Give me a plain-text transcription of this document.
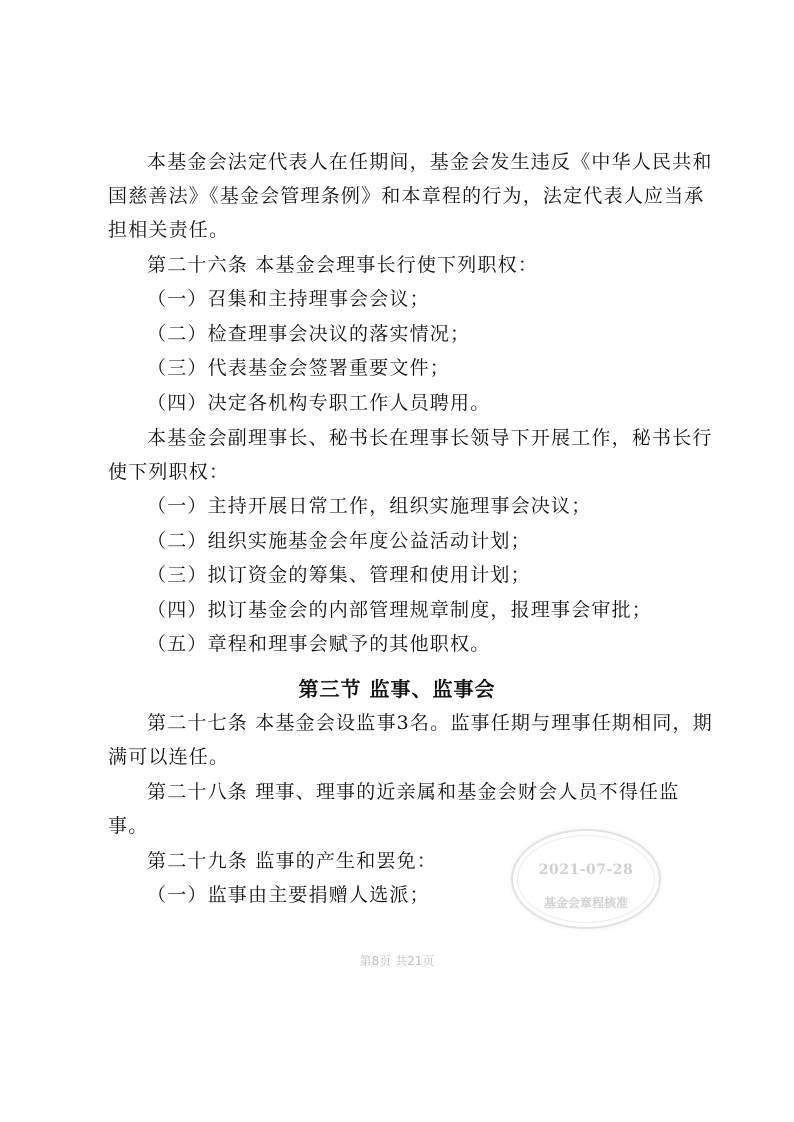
本基金会法定代表人在任期间，基金会发生违反《中华人民共和
国慈善法》《基金会管理条例》和本章程的行为，法定代表人应当承
担相关责任。
第二十六条 本基金会理事长行使下列职权：
（一）召集和主持理事会会议；
（二）检查理事会决议的落实情况；
（三）代表基金会签署重要文件；
（四）决定各机构专职工作人员聘用。
本基金会副理事长、秘书长在理事长领导下开展工作，秘书长行
使下列职权：
（一）主持开展日常工作，组织实施理事会决议；
（二）组织实施基金会年度公益活动计划；
（三）拟订资金的筹集、管理和使用计划；
（四）拟订基金会的内部管理规章制度，报理事会审批；
（五）章程和理事会赋予的其他职权。
第三节 监事、监事会
第二十七条 本基金会设监事3名。监事任期与理事任期相同，期
满可以连任。
第二十八条 理事、理事的近亲属和基金会财会人员不得任监
事。
第二十九条 监事的产生和罢免：
（一）监事由主要捐赠人选派；
2021-07-28
基金会章程核准
第8页 共21页
